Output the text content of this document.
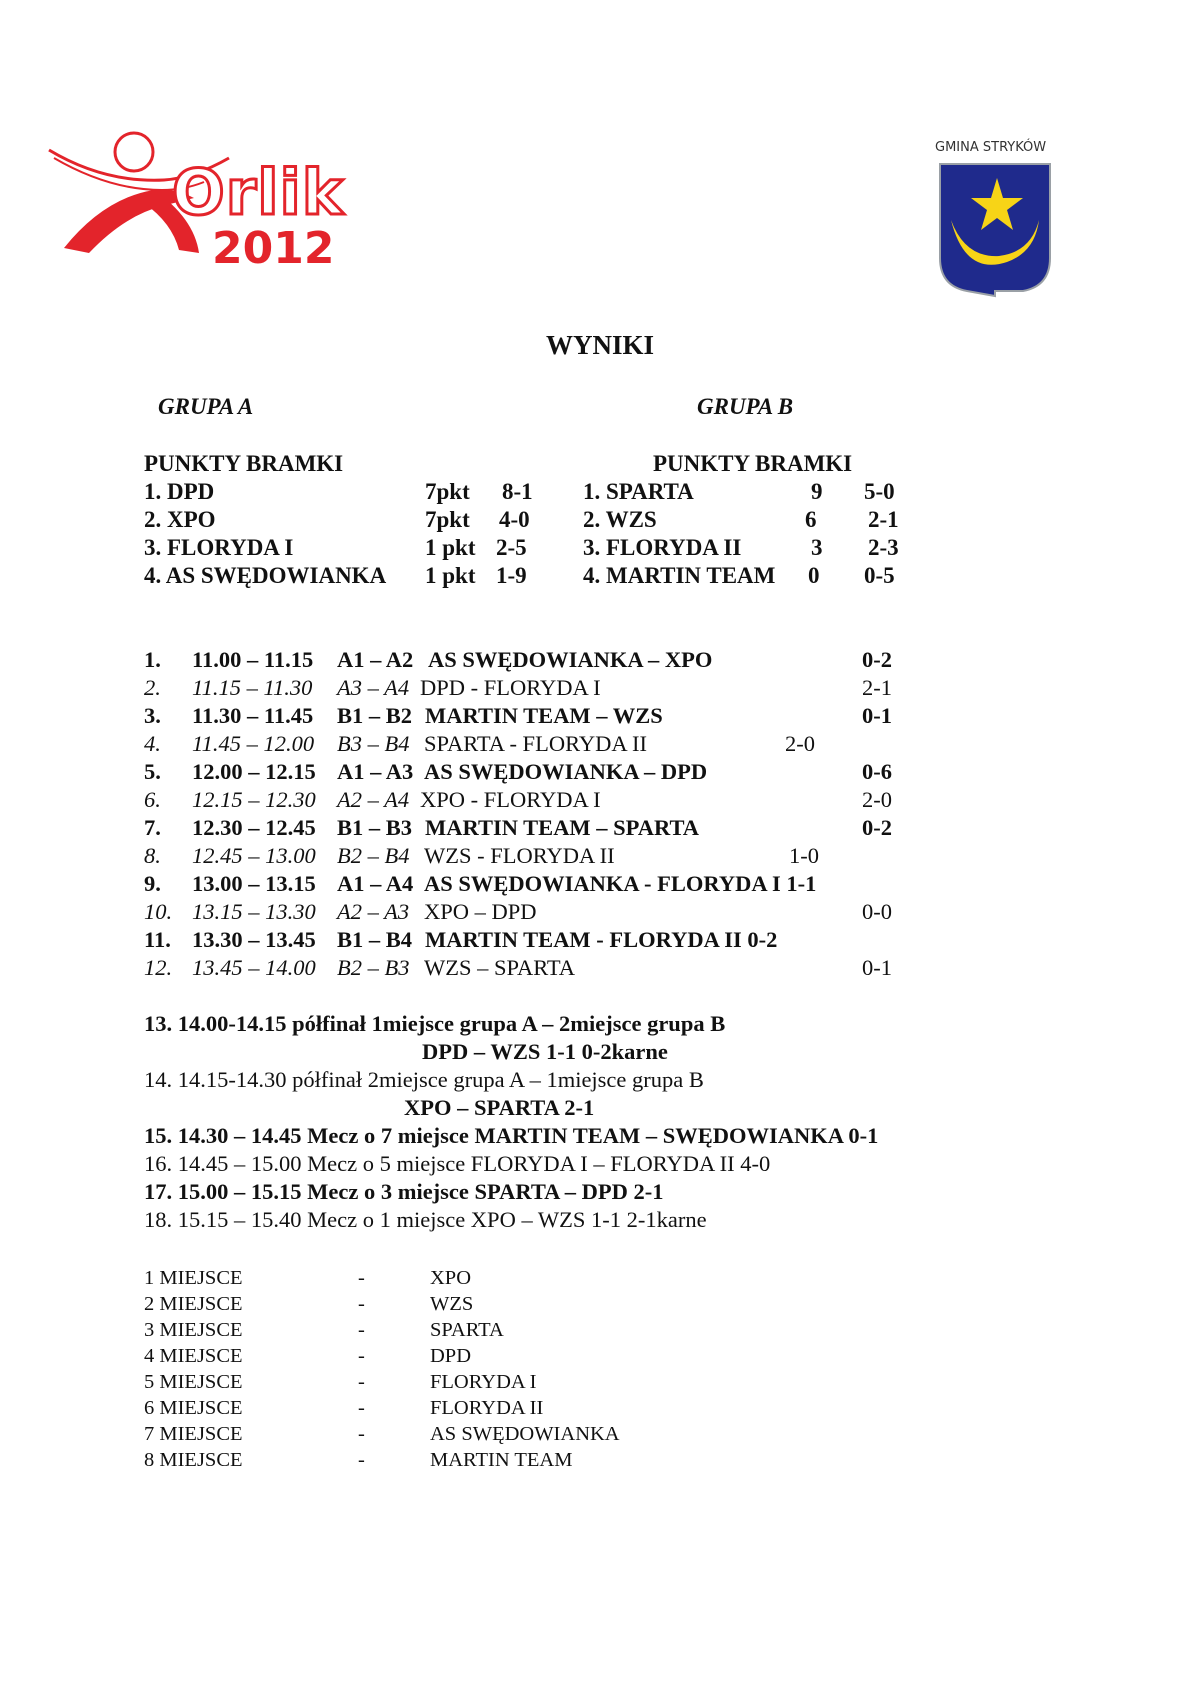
Orlik
2012
GMINA STRYKÓW
WYNIKI
GRUPA A	GRUPA B
PUNKTY BRAMKI	PUNKTY BRAMKI
1. DPD	7pkt 8-1
2. XPO	7pkt 4-0
3. FLORYDA I	1 pkt 2-5
4. AS SWĘDOWIANKA 1 pkt 1-9
1. SPARTA	9 5-0
2. WZS	6 2-1
3. FLORYDA II	3 2-3
4. MARTIN TEAM 0 0-5
1. 11.00 – 11.15 A1 – A2 AS SWĘDOWIANKA – XPO	0-2
2. 11.15 – 11.30 A3 – A4 DPD - FLORYDA I	2-1
3. 11.30 – 11.45 B1 – B2 MARTIN TEAM – WZS	0-1
4. 11.45 – 12.00 B3 – B4 SPARTA - FLORYDA II	2-0
5. 12.00 – 12.15 A1 – A3 AS SWĘDOWIANKA – DPD	0-6
6. 12.15 – 12.30 A2 – A4 XPO - FLORYDA I	2-0
7. 12.30 – 12.45 B1 – B3 MARTIN TEAM – SPARTA	0-2
8. 12.45 – 13.00 B2 – B4 WZS - FLORYDA II	1-0
9. 13.00 – 13.15 A1 – A4 AS SWĘDOWIANKA - FLORYDA I 1-1
10. 13.15 – 13.30 A2 – A3 XPO – DPD	0-0
11. 13.30 – 13.45 B1 – B4 MARTIN TEAM - FLORYDA II 0-2
12. 13.45 – 14.00 B2 – B3 WZS – SPARTA	0-1
13. 14.00-14.15 półfinał 1miejsce grupa A – 2miejsce grupa B
DPD – WZS 1-1 0-2karne
14. 14.15-14.30 półfinał 2miejsce grupa A – 1miejsce grupa B
XPO – SPARTA 2-1
15. 14.30 – 14.45 Mecz o 7 miejsce MARTIN TEAM – SWĘDOWIANKA 0-1
16. 14.45 – 15.00 Mecz o 5 miejsce FLORYDA I – FLORYDA II 4-0
17. 15.00 – 15.15 Mecz o 3 miejsce SPARTA – DPD 2-1
18. 15.15 – 15.40 Mecz o 1 miejsce XPO – WZS 1-1 2-1karne
1 MIEJSCE	-	XPO
2 MIEJSCE	-	WZS
3 MIEJSCE	-	SPARTA
4 MIEJSCE	-	DPD
5 MIEJSCE	-	FLORYDA I
6 MIEJSCE	-	FLORYDA II
7 MIEJSCE	-	AS SWĘDOWIANKA
8 MIEJSCE	-	MARTIN TEAM
